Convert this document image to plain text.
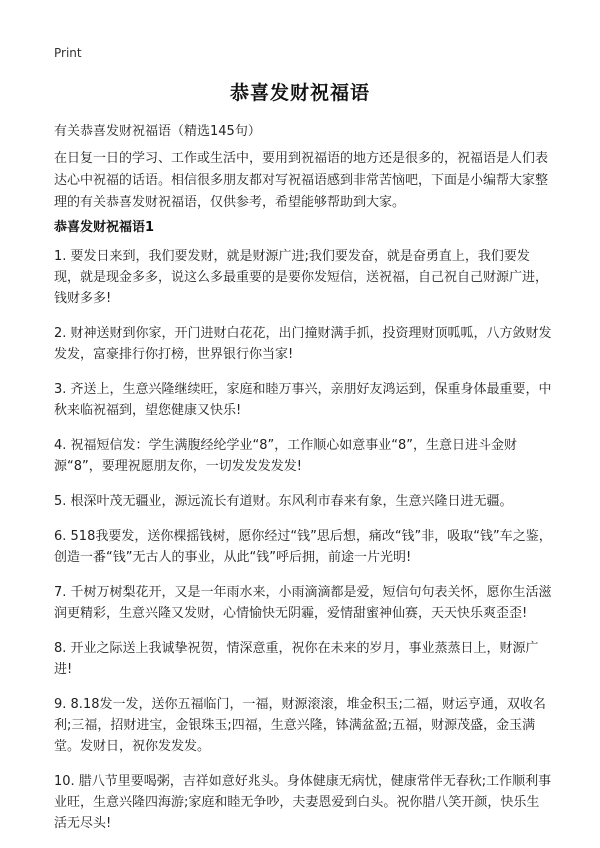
Print
恭喜发财祝福语
有关恭喜发财祝福语（精选145句）

在日复一日的学习、工作或生活中，要用到祝福语的地方还是很多的，祝福语是人们表达心中祝福的话语。相信很多朋友都对写祝福语感到非常苦恼吧，下面是小编帮大家整理的有关恭喜发财祝福语，仅供参考，希望能够帮助到大家。

恭喜发财祝福语1
1. 要发日来到，我们要发财，就是财源广进;我们要发奋，就是奋勇直上，我们要发现，就是现金多多，说这么多最重要的是要你发短信，送祝福，自己祝自己财源广进，钱财多多!
2. 财神送财到你家，开门进财白花花，出门撞财满手抓，投资理财顶呱呱，八方敛财发发发，富豪排行你打榜，世界银行你当家!
3. 齐送上，生意兴隆继续旺，家庭和睦万事兴，亲朋好友鸿运到，保重身体最重要，中秋来临祝福到，望您健康又快乐!
4. 祝福短信发：学生满腹经纶学业“8”，工作顺心如意事业“8”，生意日进斗金财源“8”，要理祝愿朋友你，一切发发发发发!
5. 根深叶茂无疆业，源远流长有道财。东风利市春来有象，生意兴隆日进无疆。
6. 518我要发，送你棵摇钱树，愿你经过“钱”思后想，痛改“钱”非，吸取“钱”车之鉴，创造一番“钱”无古人的事业，从此“钱”呼后拥，前途一片光明!
7. 千树万树梨花开，又是一年雨水来，小雨滴滴都是爱，短信句句表关怀，愿你生活滋润更精彩，生意兴隆又发财，心情愉快无阴霾，爱情甜蜜神仙赛，天天快乐爽歪歪!
8. 开业之际送上我诚挚祝贺，情深意重，祝你在未来的岁月，事业蒸蒸日上，财源广进!
9. 8.18发一发，送你五福临门，一福，财源滚滚，堆金积玉;二福，财运亨通，双收名利;三福，招财进宝，金银珠玉;四福，生意兴隆，钵满盆盈;五福，财源茂盛，金玉满堂。发财日，祝你发发发。
10. 腊八节里要喝粥，吉祥如意好兆头。身体健康无病忧，健康常伴无春秋;工作顺利事业旺，生意兴隆四海游;家庭和睦无争吵，夫妻恩爱到白头。祝你腊八笑开颜，快乐生活无尽头!
